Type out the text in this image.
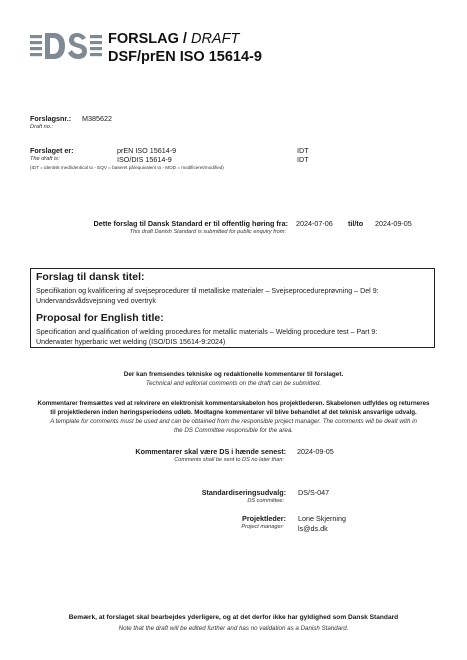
FORSLAG / DRAFT
DSF/prEN ISO 15614-9
Forslagsnr.: M385622
Draft no.:
Forslaget er:	prEN ISO 15614-9	IDT
The draft is:	ISO/DIS 15614-9	IDT
(IDT = identisk med/identical to - EQV = baseret på/equivalent to - MOD = modificeret/modified)
Dette forslag til Dansk Standard er til offentlig høring fra:
This draft Danish Standard is submitted for public enquiry from:
2024-07-06 til/to 2024-09-05
Forslag til dansk titel:
Specifikation og kvalificering af svejseprocedurer til metalliske materialer – Svejseprocedureprøvning – Del 9:
Undervandsvådsvejsning ved overtryk
Proposal for English title:
Specification and qualification of welding procedures for metallic materials – Welding procedure test – Part 9:
Underwater hyperbaric wet welding (ISO/DIS 15614-9:2024)
Der kan fremsendes tekniske og redaktionelle kommentarer til forslaget.
Technical and editorial comments on the draft can be submitted.
Kommentarer fremsættes ved at rekvirere en elektronisk kommentarskabelon hos projektlederen. Skabelonen udfyldes og returneres
til projektlederen inden høringsperiodens udløb. Modtagne kommentarer vil blive behandlet af det teknisk ansvarlige udvalg.
A template for comments must be used and can be obtained from the responsible project manager. The comments will be dealt with in
the DS Committee responsible for the area.
Kommentarer skal være DS i hænde senest:
Comments shall be sent to DS no later than:
2024-09-05
Standardiseringsudvalg:
DS committee:
DS/S-047
Projektleder:
Project manager:
Lone Skjerning
ls@ds.dk
Bemærk, at forslaget skal bearbejdes yderligere, og at det derfor ikke har gyldighed som Dansk Standard
Note that the draft will be edited further and has no validation as a Danish Standard.
